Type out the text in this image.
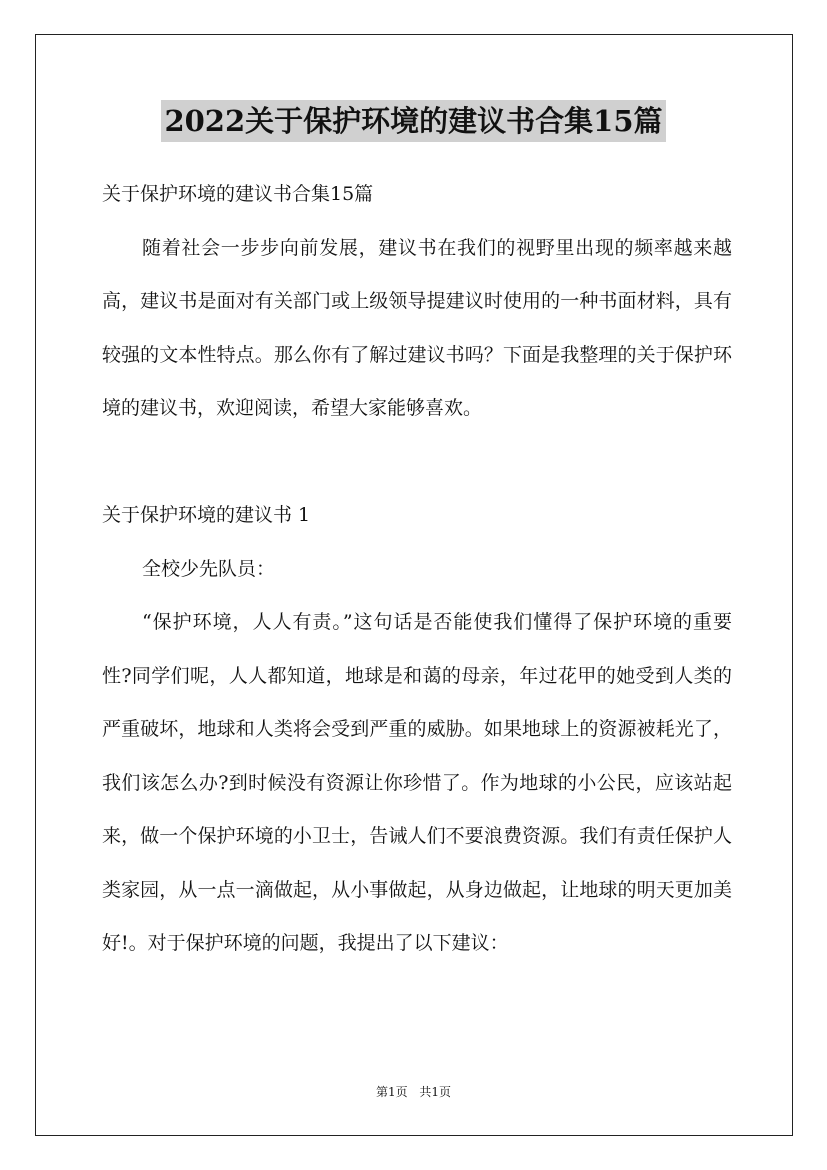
2022关于保护环境的建议书合集15篇

关于保护环境的建议书合集15篇

随着社会一步步向前发展，建议书在我们的视野里出现的频率越来越高，建议书是面对有关部门或上级领导提建议时使用的一种书面材料，具有较强的文本性特点。那么你有了解过建议书吗？下面是我整理的关于保护环境的建议书，欢迎阅读，希望大家能够喜欢。

关于保护环境的建议书 1

全校少先队员：

“保护环境，人人有责。”这句话是否能使我们懂得了保护环境的重要性?同学们呢，人人都知道，地球是和蔼的母亲，年过花甲的她受到人类的严重破坏，地球和人类将会受到严重的威胁。如果地球上的资源被耗光了，我们该怎么办?到时候没有资源让你珍惜了。作为地球的小公民，应该站起来，做一个保护环境的小卫士，告诫人们不要浪费资源。我们有责任保护人类家园，从一点一滴做起，从小事做起，从身边做起，让地球的明天更加美好!。对于保护环境的问题，我提出了以下建议：

第1页 共1页
